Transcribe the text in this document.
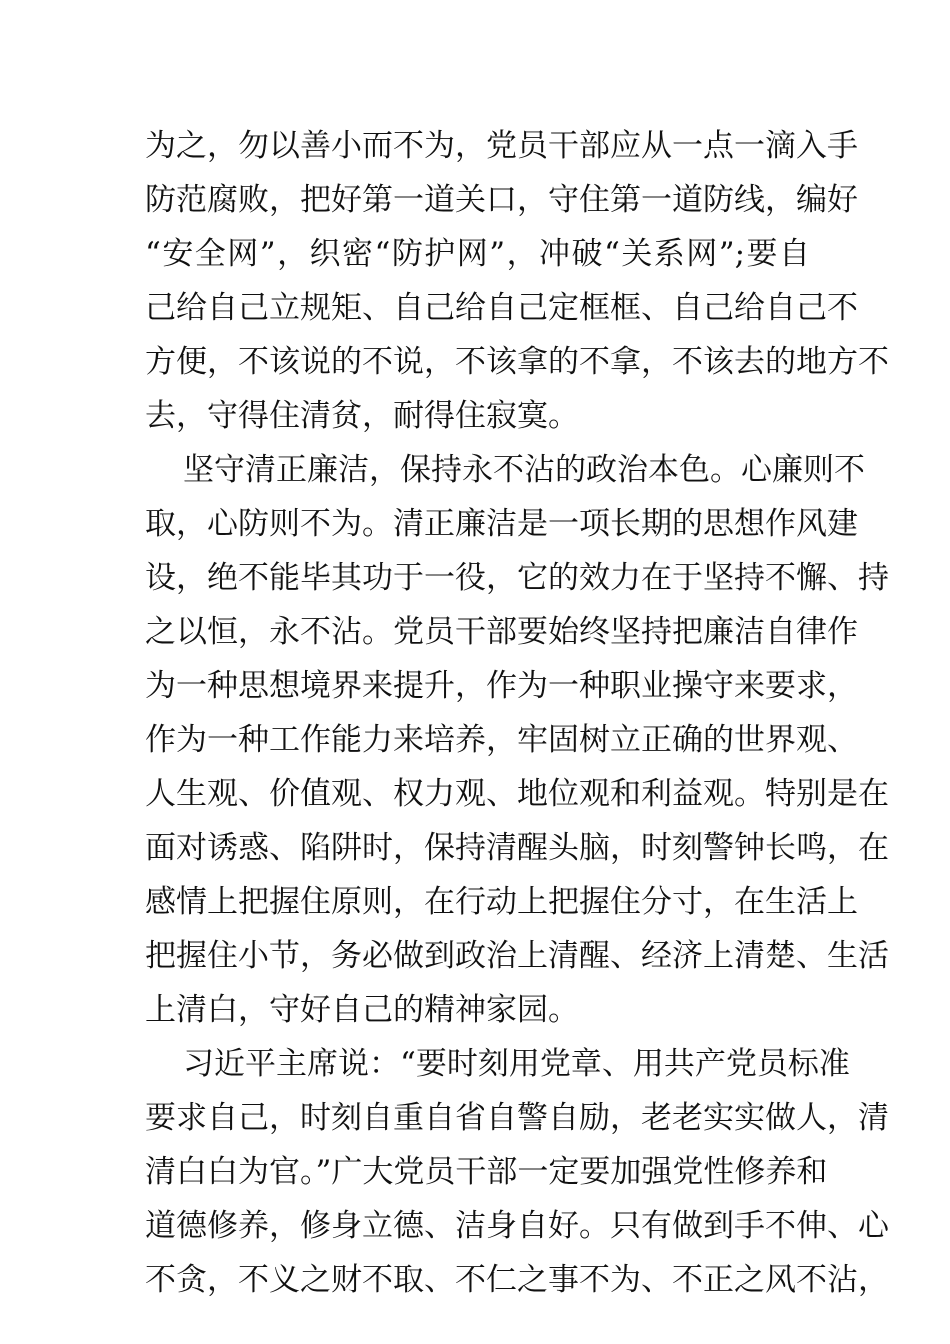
为之，勿以善小而不为，党员干部应从一点一滴入手
防范腐败，把好第一道关口，守住第一道防线，编好
“安全网”，织密“防护网”，冲破“关系网”;要自
己给自己立规矩、自己给自己定框框、自己给自己不
方便，不该说的不说，不该拿的不拿，不该去的地方不
去，守得住清贫，耐得住寂寞。
坚守清正廉洁，保持永不沾的政治本色。心廉则不
取，心防则不为。清正廉洁是一项长期的思想作风建
设，绝不能毕其功于一役，它的效力在于坚持不懈、持
之以恒，永不沾。党员干部要始终坚持把廉洁自律作
为一种思想境界来提升，作为一种职业操守来要求，
作为一种工作能力来培养，牢固树立正确的世界观、
人生观、价值观、权力观、地位观和利益观。特别是在
面对诱惑、陷阱时，保持清醒头脑，时刻警钟长鸣，在
感情上把握住原则，在行动上把握住分寸，在生活上
把握住小节，务必做到政治上清醒、经济上清楚、生活
上清白，守好自己的精神家园。
习近平主席说：“要时刻用党章、用共产党员标准
要求自己，时刻自重自省自警自励，老老实实做人，清
清白白为官。”广大党员干部一定要加强党性修养和
道德修养，修身立德、洁身自好。只有做到手不伸、心
不贪，不义之财不取、不仁之事不为、不正之风不沾，
